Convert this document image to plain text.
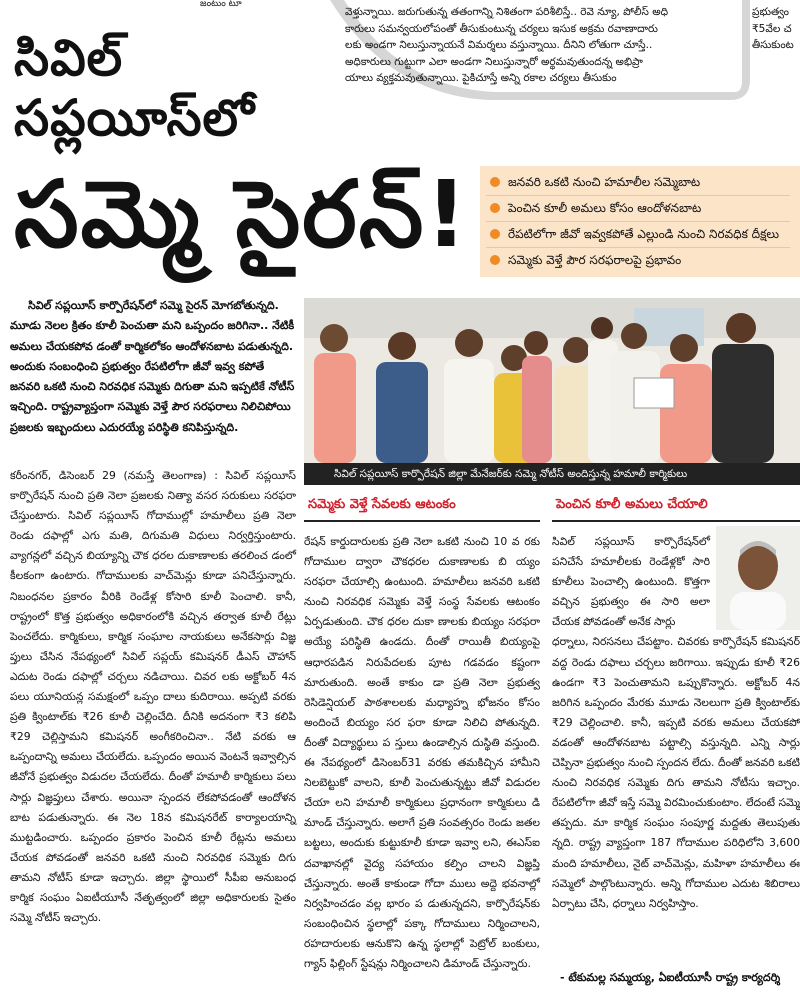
జంటుం టూ
వెళ్తున్నాయి. జరుగుతున్న తతంగాన్ని నిశితంగా పరిశీలిస్తే.. రెవె న్యూ, పోలీస్ అధి
కారులు సమన్వయలోపంతో తీసుకుంటున్న చర్యలు ఇసుక అక్రమ రవాణాదారు
లకు అండగా నిలుస్తున్నాయనే విమర్శలు వస్తున్నాయి. దీనిని లోతుగా చూస్తే..
అధికారులు గుట్టుగా ఎలా అండగా నిలుస్తున్నారో అర్థమవుతుందన్న అభిప్రా
యాలు వ్యక్తమవుతున్నాయి. పైకిచూస్తే అన్ని రకాల చర్యలు తీసుకుం
ప్రభుత్వం
₹5వేల చ
తీసుకుంట
సివిల్
సప్లయీస్‌లో
సమ్మె సైరన్!	జనవరి ఒకటి నుంచి హమాలీల సమ్మెబాట
పెంచిన కూలీ అమలు కోసం ఆందోళనబాట
రేపటిలోగా జీవో ఇవ్వకపోతే ఎల్లుండి నుంచి నిరవధిక దీక్షలు
సమ్మెకు వెళ్తే పౌర సరఫరాలపై ప్రభావం
సివిల్ సప్లయీస్ కార్పొరేషన్‌లో సమ్మె సైరన్ మోగబోతున్నది. మూడు నెలల క్రితం కూలీ పెంచుతా మని ఒప్పందం జరిగినా.. నేటికీ అమలు చేయకపోవ డంతో కార్మికలోకం ఆందోళనబాట పడుతున్నది. అందుకు సంబంధించి ప్రభుత్వం రేపటిలోగా జీవో ఇవ్వ కపోతే జనవరి ఒకటి నుంచి నిరవధిక సమ్మెకు దిగుతా మని ఇప్పటికే నోటీస్ ఇచ్చింది. రాష్ట్రవ్యాప్తంగా సమ్మెకు వెళ్తే పౌర సరఫరాలు నిలిచిపోయి ప్రజలకు ఇబ్బందులు ఎదురయ్యే పరిస్థితి కనిపిస్తున్నది.
సివిల్ సప్లయీస్ కార్పొరేషన్ జిల్లా మేనేజర్‌కు సమ్మె నోటీస్ అందిస్తున్న హమాలీ కార్మికులు
కరీంనగర్, డిసెంబర్ 29 (నమస్తే తెలంగాణ) : సివిల్ సప్లయీస్ కార్పొరేషన్ నుంచి ప్రతి నెలా ప్రజలకు నిత్యా వసర సరుకులు సరఫరా చేస్తుంటారు. సివిల్ సప్లయీస్ గోదాముల్లో హమాలీలు ప్రతి నెలా రెండు దఫాల్లో ఎగు మతి, దిగుమతి విధులు నిర్వర్తిస్తుంటారు. వ్యాగన్లలో వచ్చిన బియ్యాన్ని చౌక ధరల దుకాణాలకు తరలించ డంలో కీలకంగా ఉంటారు. గోదాములకు వాచ్‌మెన్లు కూడా పనిచేస్తున్నారు. నిబంధనల ప్రకారం వీరికి రెండేళ్ల కోసారి కూలీ పెంచాలి. కానీ, రాష్ట్రంలో కొత్త ప్రభుత్వం అధికారంలోకి వచ్చిన తర్వాత కూలీ రేట్లు పెంచలేదు. కార్మికులు, కార్మిక సంఘాల నాయకులు అనేకసార్లు విజ్ఞ ప్తులు చేసిన నేపథ్యంలో సివిల్ సప్లయ్ కమిషనర్ డీఎస్ చౌహాన్ ఎదుట రెండు దఫాల్లో చర్చలు నడిచాయి. చివర లకు అక్టోబర్ 4న పలు యూనియన్ల సమక్షంలో ఒప్పం దాలు కుదిరాయి. అప్పటి వరకు ప్రతి క్వింటాల్‌కు ₹26 కూలీ చెల్లించేది. దీనికి అదనంగా ₹3 కలిపి ₹29 చెల్లిస్తామని కమిషనర్ అంగీకరించినా.. నేటి వరకు ఆ ఒప్పందాన్ని అమలు చేయలేదు. ఒప్పందం అయిన వెంటనే ఇవ్వాల్సిన జీవోనే ప్రభుత్వం విడుదల చేయలేదు. దీంతో హమాలీ కార్మికులు పలు సార్లు విజ్ఞప్తులు చేశారు. అయినా స్పందన లేకపోవడంతో ఆందోళన బాట పడుతున్నారు. ఈ నెల 18న కమిషనరేట్ కార్యాలయాన్ని ముట్టడించారు. ఒప్పందం ప్రకారం పెంచిన కూలీ రేట్లను అమలు చేయక పోవడంతో జనవరి ఒకటి నుంచి నిరవధిక సమ్మెకు దిగు తామని నోటీస్ కూడా ఇచ్చారు. జిల్లా స్థాయిలో సీపీఐ అనుబంధ కార్మిక సంఘం ఏఐటీయూసీ నేతృత్వంలో జిల్లా అధికారులకు సైతం సమ్మె నోటీస్ ఇచ్చారు.
సమ్మెకు వెళ్తే సేవలకు ఆటంకం
రేషన్ కార్డుదారులకు ప్రతి నెలా ఒకటి నుంచి 10 వ రకు గోదాముల ద్వారా చౌకధరల దుకాణాలకు బి య్యం సరఫరా చేయాల్సి ఉంటుంది. హమాలీలు జనవరి ఒకటి నుంచి నిరవధిక సమ్మెకు వెళ్తే సంస్థ సేవలకు ఆటంకం ఏర్పడుతుంది. చౌక ధరల దుకా ణాలకు బియ్యం సరఫరా అయ్యే పరిస్థితి ఉండదు. దీంతో రాయితీ బియ్యంపై ఆధారపడిన నిరుపేదలకు పూట గడవడం కష్టంగా మారుతుంది. అంతే కాకుం డా ప్రతి నెలా ప్రభుత్వ రెసిడెన్షియల్ పాఠశాలలకు మధ్యాహ్న భోజనం కోసం అందించే బియ్యం సర ఫరా కూడా నిలిచి పోతున్నది. దీంతో విద్యార్థులు ప స్తులు ఉండాల్సిన దుస్థితి వస్తుంది. ఈ నేపథ్యంలో డిసెంబర్31 వరకు తమకిచ్చిన హామీని నిలబెట్టుకో వాలని, కూలీ పెంచుతున్నట్టు జీవో విడుదల చేయా లని హమాలీ కార్మికులు ప్రధానంగా కార్మికులు డి మాండ్ చేస్తున్నారు. అలాగే ప్రతి సంవత్సరం రెండు జతల బట్టలు, అందుకు కుట్టుకూలీ కూడా ఇవ్వా లని, ఈఎస్ఐ దవాఖానల్లో వైద్య సహాయం కల్పిం చాలని విజ్ఞప్తి చేస్తున్నారు. అంతే కాకుండా గోదా ములు అద్దె భవనాల్లో నిర్వహించడం వల్ల భారం ప డుతున్నదని, కార్పొరేషన్‌కు సంబంధించిన స్థలాల్లో పక్కా గోదాములు నిర్మించాలని, రహదారులకు ఆనుకొని ఉన్న స్థలాల్లో పెట్రోల్ బంకులు, గ్యాస్ ఫిల్లింగ్ స్టేషన్లు నిర్మించాలని డిమాండ్ చేస్తున్నారు.
పెంచిన కూలీ అమలు చేయాలి

సివిల్ సప్లయీస్ కార్పొరేషన్‌లో పనిచేసే హమాలీలకు రెండేళ్లకో సారి కూలీలు పెంచాల్సి ఉంటుంది. కొత్తగా వచ్చిన ప్రభుత్వం ఈ సారి అలా చేయక పోవడంతో అనేక సార్లు

ధర్నాలు, నిరసనలు చేపట్టాం. చివరకు కార్పొరేషన్ కమిషనర్ వద్ద రెండు దఫాలు చర్చలు జరిగాయి. ఇప్పుడు కూలీ ₹26 ఉండగా ₹3 పెంచుతామని ఒప్పుకొన్నారు. అక్టోబర్ 4న జరిగిన ఒప్పందం మేరకు మూడు నెలలుగా ప్రతి క్వింటాల్‌కు ₹29 చెల్లించాలి. కానీ, ఇప్పటి వరకు అమలు చేయకపో వడంతో ఆందోళనబాట పట్టాల్సి వస్తున్నది. ఎన్ని సార్లు చెప్పినా ప్రభుత్వం నుంచి స్పందన లేదు. దీంతో జనవరి ఒకటి నుంచి నిరవధిక సమ్మెకు దిగు తామని నోటీసు ఇచ్చాం. రేపటిలోగా జీవో ఇస్తే సమ్మె విరమించుకుంటాం. లేదంటే సమ్మె తప్పదు. మా కార్మిక సంఘం సంపూర్ణ మద్దతు తెలుపుతు న్నది. రాష్ట్ర వ్యాప్తంగా 187 గోదాముల పరిధిలోని 3,600 మంది హమాలీలు, నైట్ వాచ్‌మెన్లు, మహిళా హమాలీలు ఈ సమ్మెలో పాల్గొంటున్నారు. అన్ని గోదాముల ఎదుట శిబిరాలు ఏర్పాటు చేసి, ధర్నాలు నిర్వహిస్తాం.

- టేకుమల్ల సమ్మయ్య, ఏఐటీయూసీ రాష్ట్ర కార్యదర్శి
